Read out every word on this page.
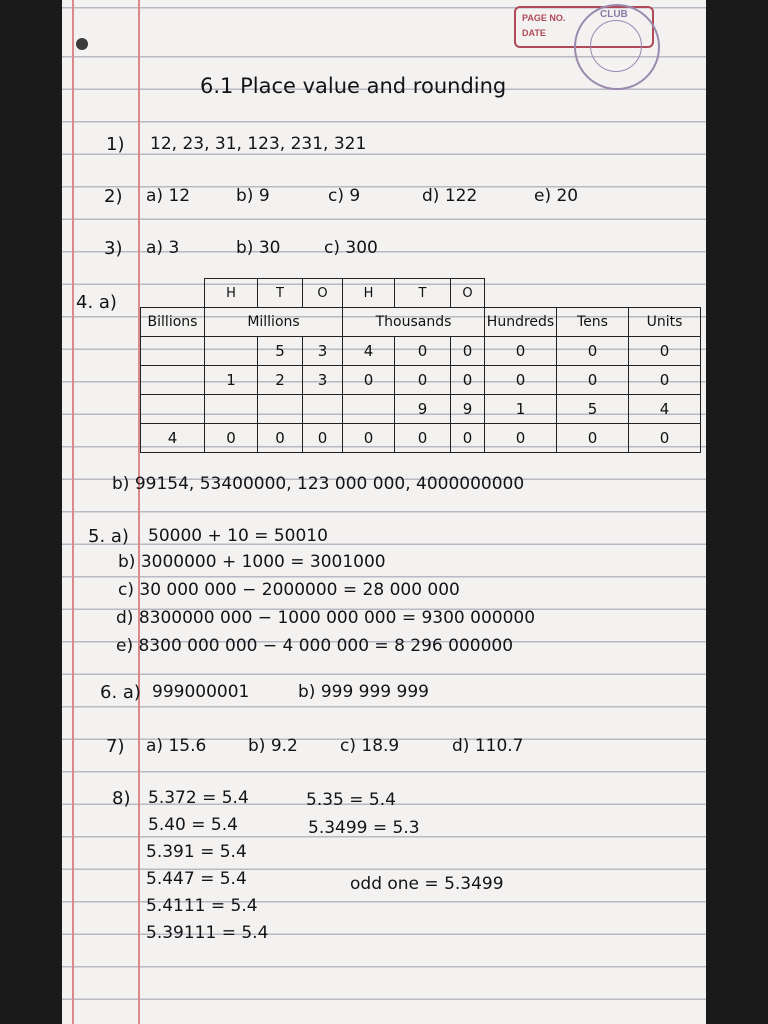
PAGE NO.
DATE
CLUB
6.1 Place value and rounding
1) 12, 23, 31, 123, 231, 321
2) a) 12	b) 9	c) 9	d) 122	e) 20
3) a) 3	b) 30	c) 300
4. a)
		H	T	O	H	T	O			
Billions	Millions			Thousands			Hundreds	Tens	Units
		5	3	4	0	0	0	0	0
	1	2	3	0	0	0	0	0	0
					9	9	1	5	4
4	0	0	0	0	0	0	0	0	0
b) 99154, 53400000, 123 000 000, 4000000000
5. a) 50000 + 10 = 50010
b) 3000000 + 1000 = 3001000
c) 30 000 000 − 2000000 = 28 000 000
d) 8300000 000 − 1000 000 000 = 9300 000000
e) 8300 000 000 − 4 000 000 = 8 296 000000
6. a) 999000001	b) 999 999 999
7) a) 15.6 b) 9.2 c) 18.9	d) 110.7
8) 5.372 = 5.4
5.40 = 5.4
5.391 = 5.4
5.447 = 5.4
5.4111 = 5.4
5.39111 = 5.4
5.35 = 5.4
5.3499 = 5.3
odd one = 5.3499
